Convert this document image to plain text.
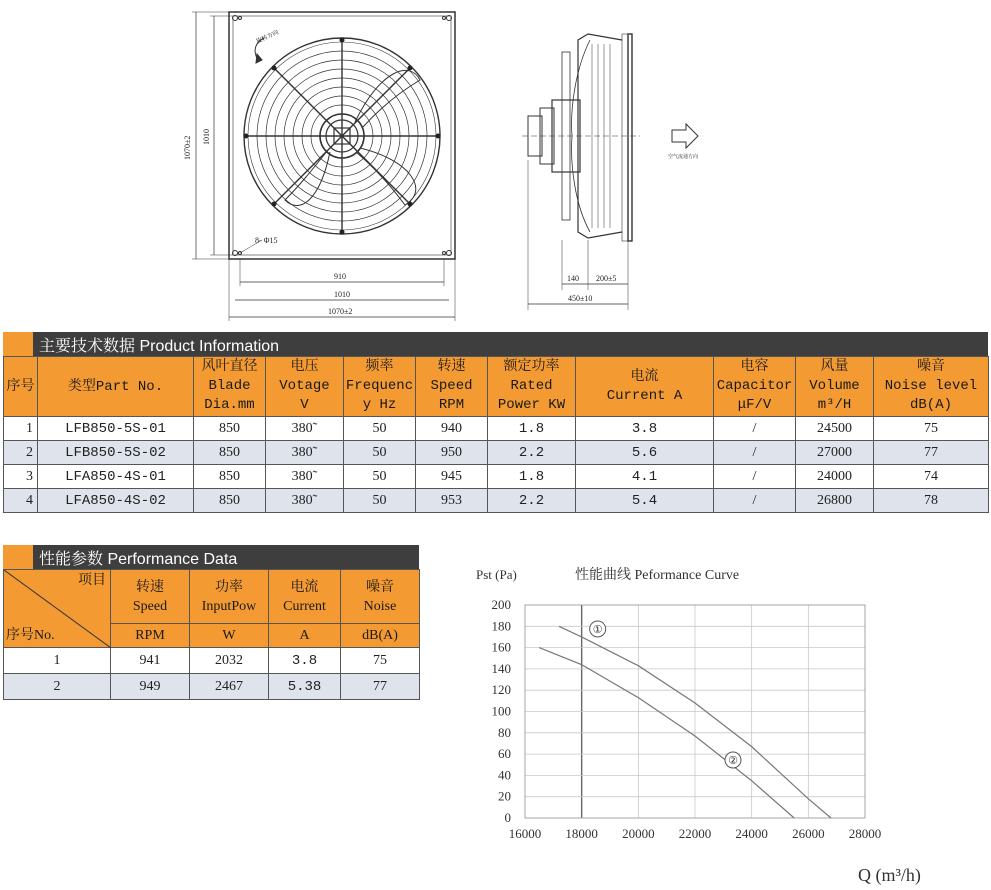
1070±2 1010
旋转方向
8- Φ15
910
1010
1070±2
空气流通方向
140 200±5
450±10
主要技术数据 Product Information
序号	类型Part No.	风叶直径
Blade
Dia.mm	电压
Votage
V	频率
Frequenc
y Hz	转速
Speed
RPM	额定功率
Rated
Power KW	电流
Current A	电容
Capacitor
μF/V	风量
Volume
m³/H	噪音
Noise level
dB(A)

1	LFB850-5S-01	850	380˜	50	940	1.8	3.8	/	24500	75
2	LFB850-5S-02	850	380˜	50	950	2.2	5.6	/	27000	77
3	LFA850-4S-01	850	380˜	50	945	1.8	4.1	/	24000	74
4	LFA850-4S-02	850	380˜	50	953	2.2	5.4	/	26800	78
性能参数 Performance Data
项目
序号No.	转速
Speed	功率
InputPow	电流
Current	噪音
Noise

	RPM	W	A	dB(A)
1	941	2032	3.8	75
2	949	2467	5.38	77
16000 18000 20000 22000 24000 26000 28000
0
20
40
60
80
100
120
140
160
180
200
①
②
Pst (Pa)	性能曲线 Peformance Curve
Q (m³/h)
